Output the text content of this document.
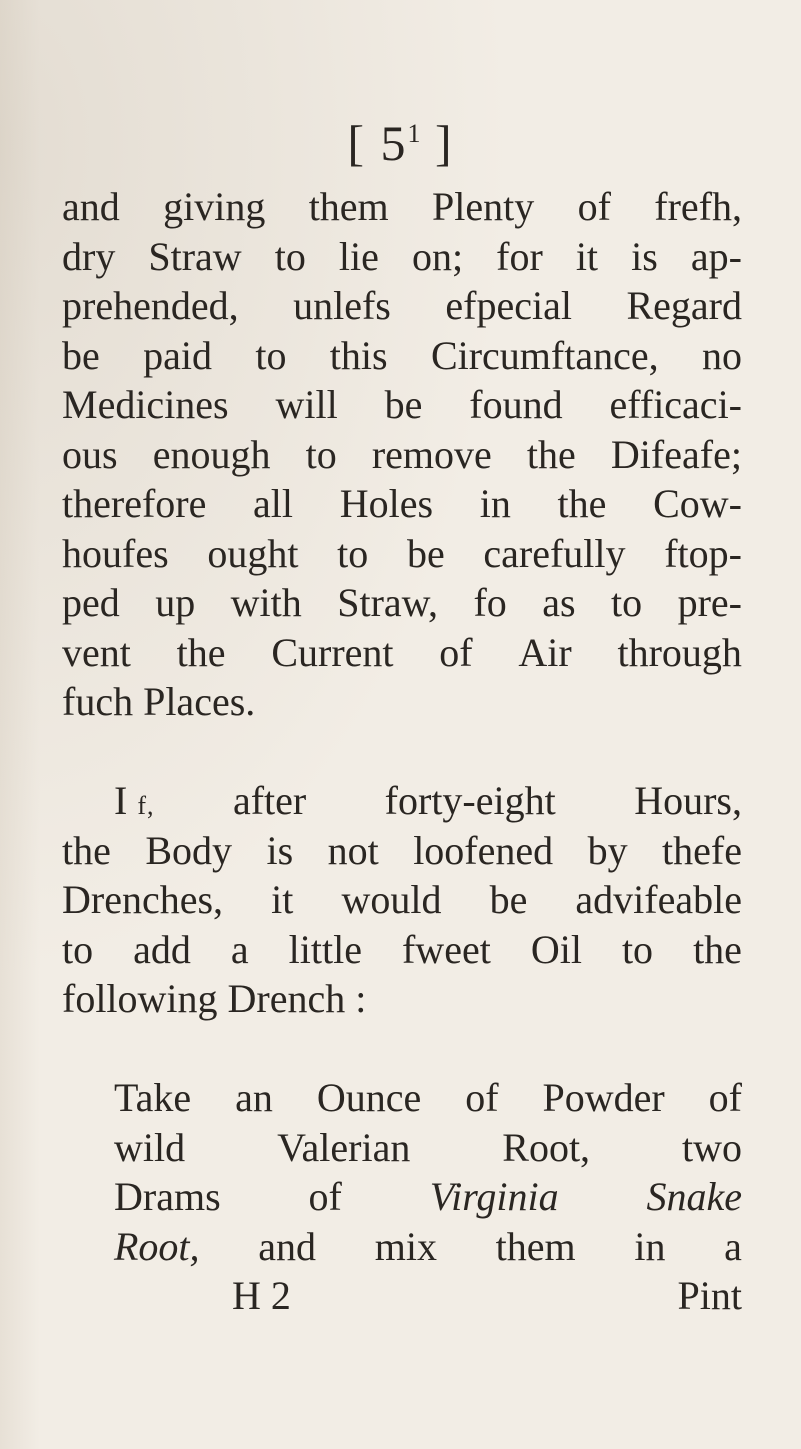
[ $5^1$ ]
and giving them Plenty of frefh,
dry Straw to lie on; for it is ap-
prehended, unlefs efpecial Regard
be paid to this Circumftance, no
Medicines will be found efficaci-
ous enough to remove the Difeafe;
therefore all Holes in the Cow-
houfes ought to be carefully ftop-
ped up with Straw, fo as to pre-
vent the Current of Air through
fuch Places.
I f, after forty-eight Hours,
the Body is not loofened by thefe
Drenches, it would be advifeable
to add a little fweet Oil to the
following Drench :
Take an Ounce of Powder of
wild Valerian Root, two
Drams of Virginia Snake
Root, and mix them in a
H 2	Pint
